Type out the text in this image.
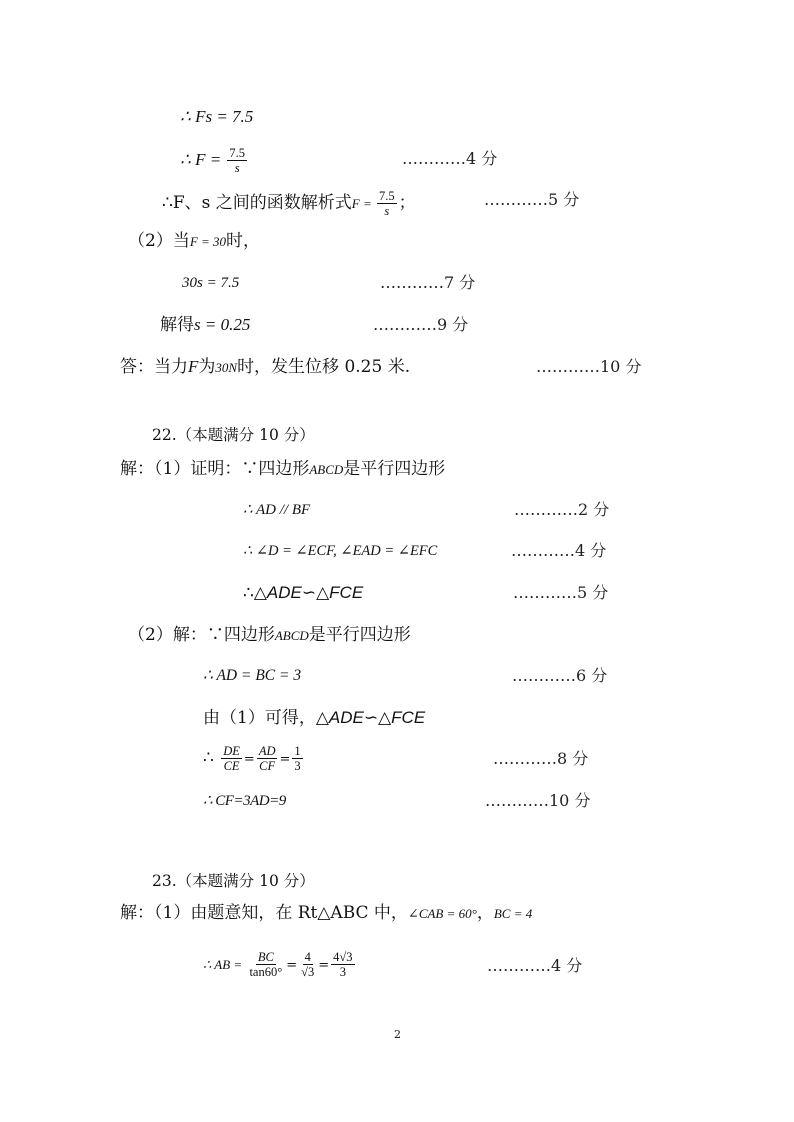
∴ Fs = 7.5
∴ $F = \frac{7.5}{s}$	…………4 分
∴F、s 之间的函数解析式$F = \frac{7.5}{s}$ ；	…………5 分
（2）当F = 30时，
30s = 7.5	…………7 分
解得s = 0.25	…………9 分
答：当力F为30N时，发生位移 0.25 米.	…………10 分
22.（本题满分 10 分）
解：（1）证明：∵四边形ABCD是平行四边形
∴ AD // BF	…………2 分
∴ ∠D = ∠ECF, ∠EAD = ∠EFC	…………4 分
∴△ADE∽△FCE	…………5 分
（2）解：∵四边形ABCD是平行四边形
∴ AD = BC = 3	…………6 分
由（1）可得，△ADE∽△FCE
∴ $\frac{DE}{CE} = \frac{AD}{CF} = \frac{1}{3}$	…………8 分
∴ CF=3AD=9	…………10 分
23.（本题满分 10 分）
解：（1）由题意知，在 Rt△ABC 中，∠CAB = 60°，BC = 4
∴ AB = $\frac{BC}{\tan 60^\circ} = \frac{4}{√3} = \frac{4√3}{3}$	…………4 分
2
